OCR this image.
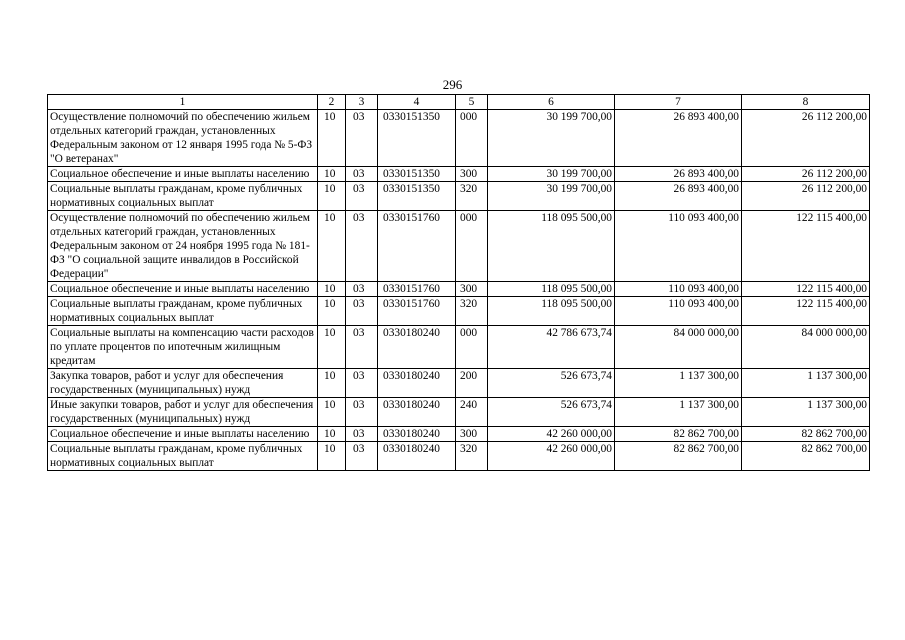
296
1	2	3	4	5	6	7	8
Осуществление полномочий по обеспечению жильем отдельных категорий граждан, установленных Федеральным законом от 12 января 1995 года № 5-ФЗ "О ветеранах"	10	03	0330151350	000	30 199 700,00	26 893 400,00	26 112 200,00
Социальное обеспечение и иные выплаты населению	10	03	0330151350	300	30 199 700,00	26 893 400,00	26 112 200,00
Социальные выплаты гражданам, кроме публичных нормативных социальных выплат	10	03	0330151350	320	30 199 700,00	26 893 400,00	26 112 200,00
Осуществление полномочий по обеспечению жильем отдельных категорий граждан, установленных Федеральным законом от 24 ноября 1995 года № 181-ФЗ "О социальной защите инвалидов в Российской Федерации"	10	03	0330151760	000	118 095 500,00	110 093 400,00	122 115 400,00
Социальное обеспечение и иные выплаты населению	10	03	0330151760	300	118 095 500,00	110 093 400,00	122 115 400,00
Социальные выплаты гражданам, кроме публичных нормативных социальных выплат	10	03	0330151760	320	118 095 500,00	110 093 400,00	122 115 400,00
Социальные выплаты на компенсацию части расходов по уплате процентов по ипотечным жилищным кредитам	10	03	0330180240	000	42 786 673,74	84 000 000,00	84 000 000,00
Закупка товаров, работ и услуг для обеспечения государственных (муниципальных) нужд	10	03	0330180240	200	526 673,74	1 137 300,00	1 137 300,00
Иные закупки товаров, работ и услуг для обеспечения государственных (муниципальных) нужд	10	03	0330180240	240	526 673,74	1 137 300,00	1 137 300,00
Социальное обеспечение и иные выплаты населению	10	03	0330180240	300	42 260 000,00	82 862 700,00	82 862 700,00
Социальные выплаты гражданам, кроме публичных нормативных социальных выплат	10	03	0330180240	320	42 260 000,00	82 862 700,00	82 862 700,00
